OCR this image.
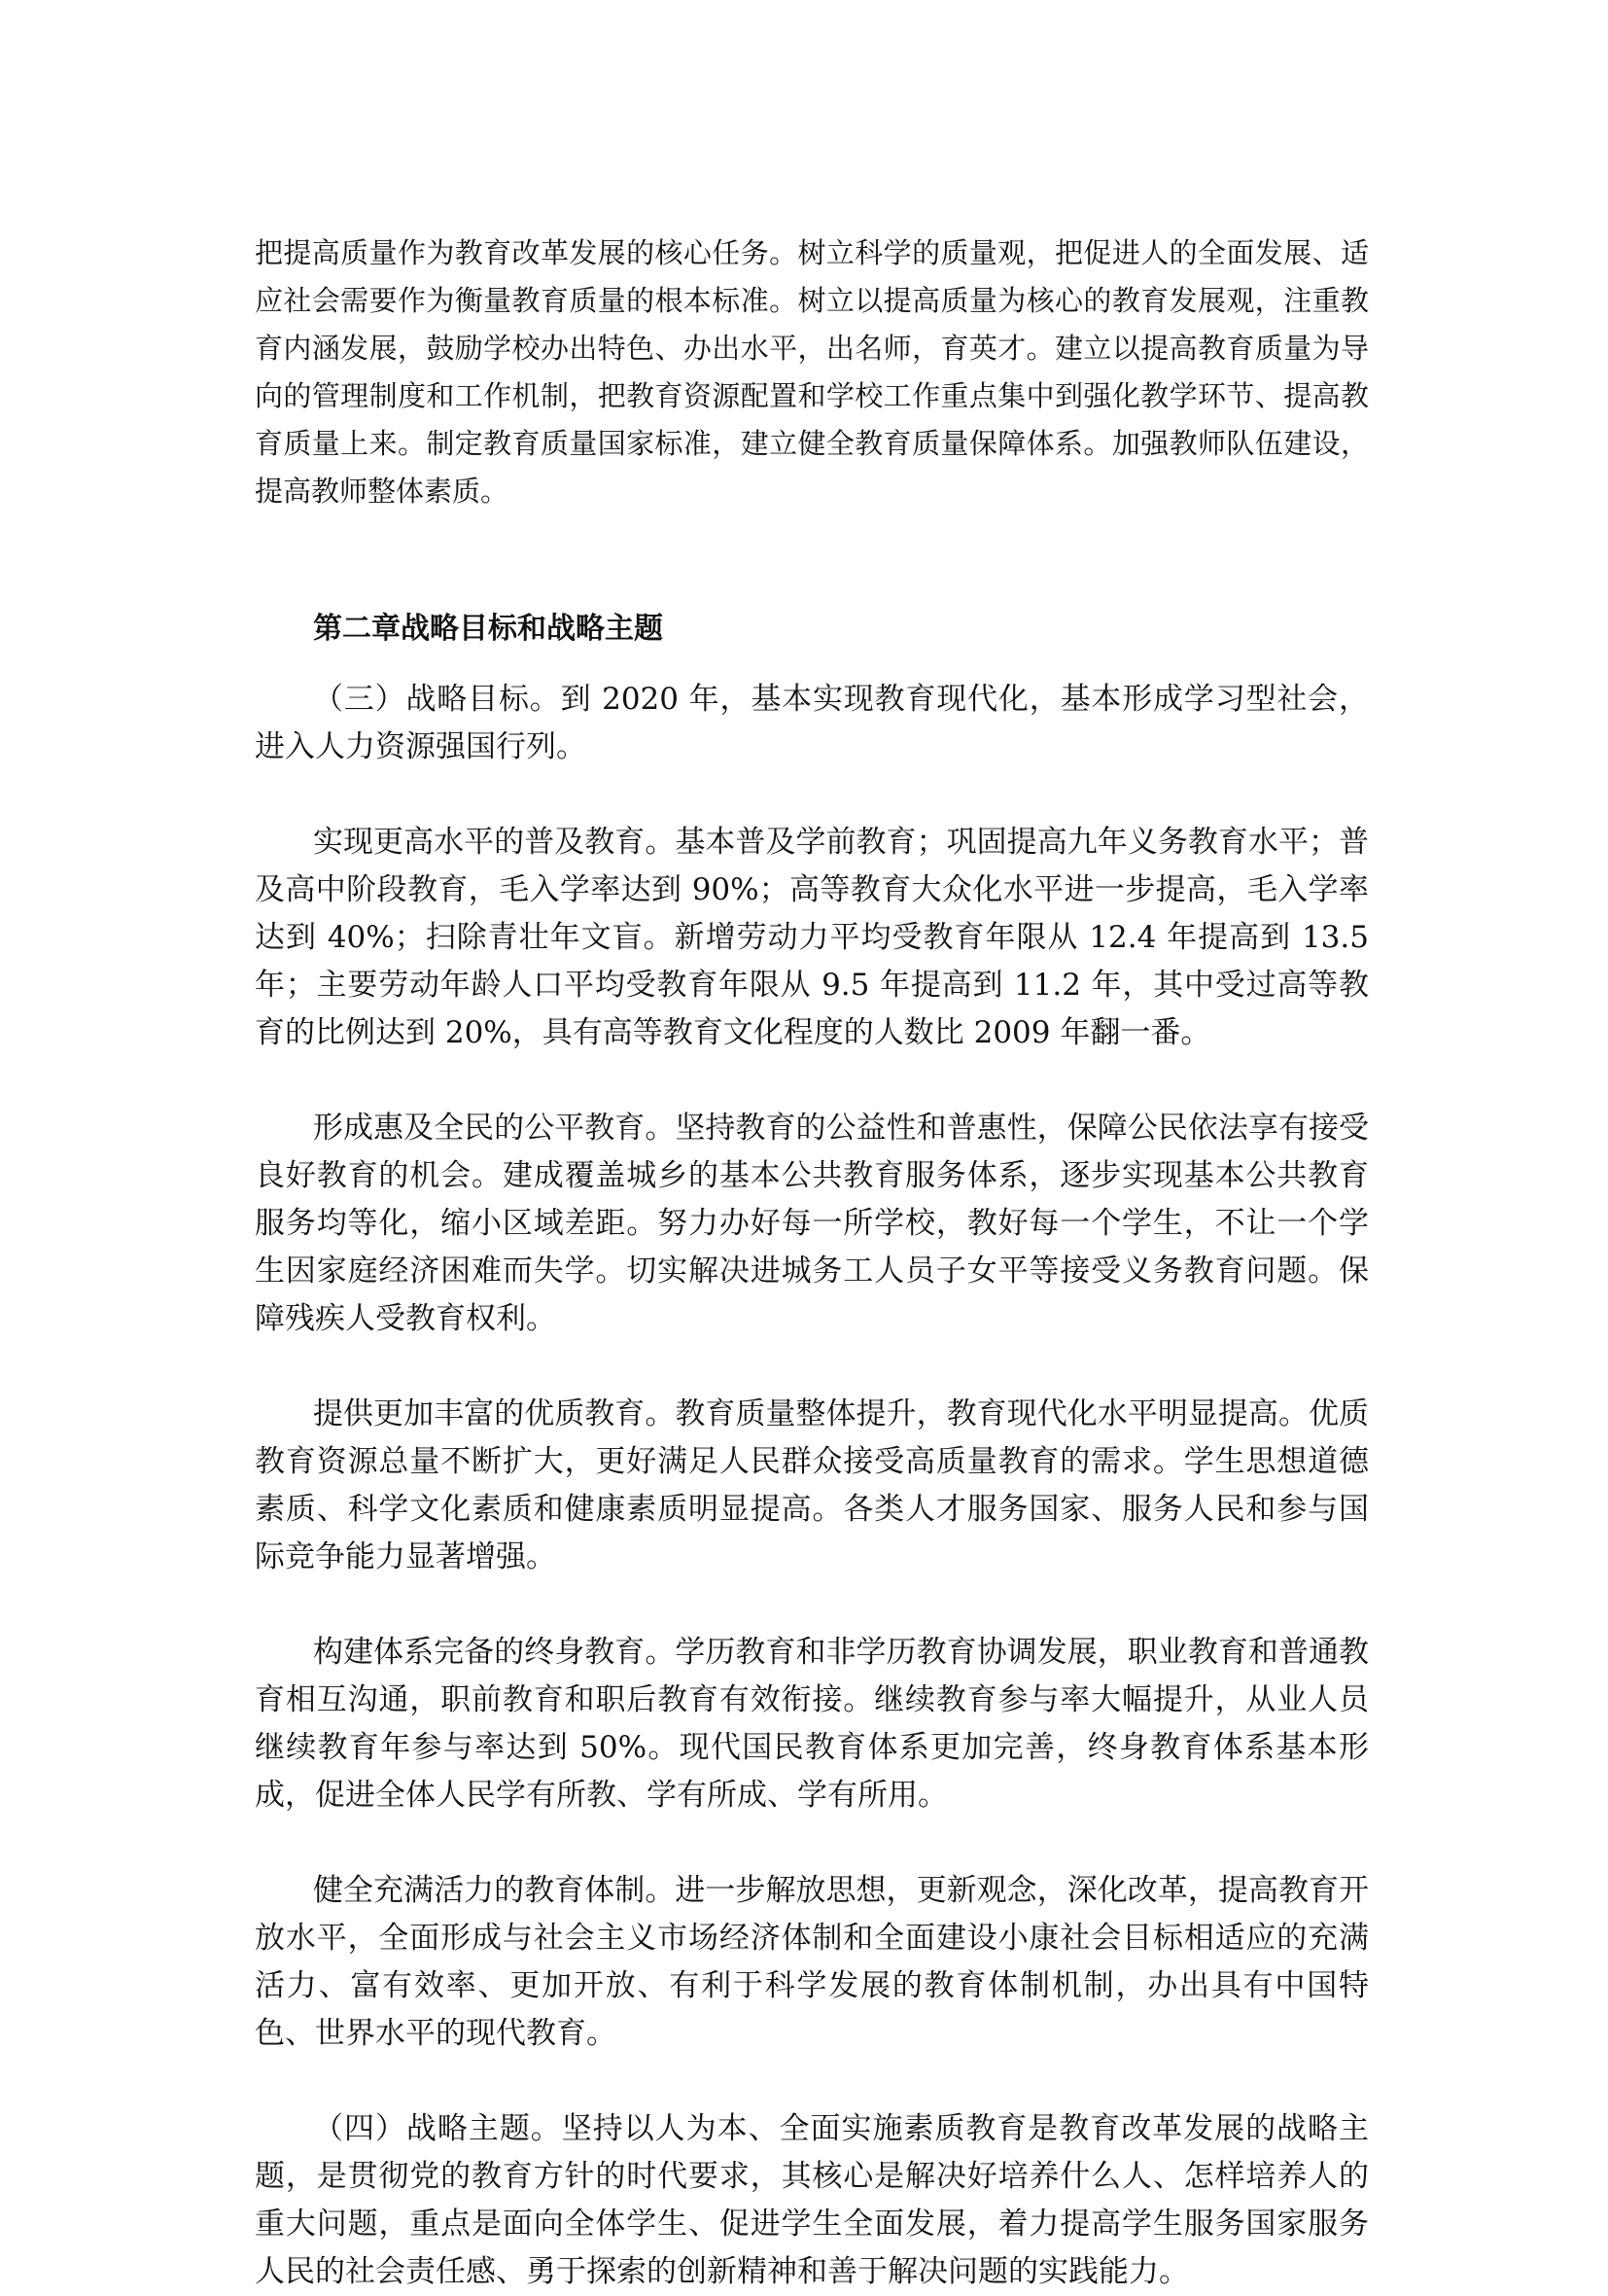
把提高质量作为教育改革发展的核心任务。树立科学的质量观，把促进人的全面发展、适应社会需要作为衡量教育质量的根本标准。树立以提高质量为核心的教育发展观，注重教育内涵发展，鼓励学校办出特色、办出水平，出名师，育英才。建立以提高教育质量为导向的管理制度和工作机制，把教育资源配置和学校工作重点集中到强化教学环节、提高教育质量上来。制定教育质量国家标准，建立健全教育质量保障体系。加强教师队伍建设，提高教师整体素质。

第二章战略目标和战略主题

（三）战略目标。到 2020 年，基本实现教育现代化，基本形成学习型社会，进入人力资源强国行列。

实现更高水平的普及教育。基本普及学前教育；巩固提高九年义务教育水平；普及高中阶段教育，毛入学率达到 90%；高等教育大众化水平进一步提高，毛入学率达到 40%；扫除青壮年文盲。新增劳动力平均受教育年限从 12.4 年提高到 13.5 年；主要劳动年龄人口平均受教育年限从 9.5 年提高到 11.2 年，其中受过高等教育的比例达到 20%，具有高等教育文化程度的人数比 2009 年翻一番。

形成惠及全民的公平教育。坚持教育的公益性和普惠性，保障公民依法享有接受良好教育的机会。建成覆盖城乡的基本公共教育服务体系，逐步实现基本公共教育服务均等化，缩小区域差距。努力办好每一所学校，教好每一个学生，不让一个学生因家庭经济困难而失学。切实解决进城务工人员子女平等接受义务教育问题。保障残疾人受教育权利。

提供更加丰富的优质教育。教育质量整体提升，教育现代化水平明显提高。优质教育资源总量不断扩大，更好满足人民群众接受高质量教育的需求。学生思想道德素质、科学文化素质和健康素质明显提高。各类人才服务国家、服务人民和参与国际竞争能力显著增强。

构建体系完备的终身教育。学历教育和非学历教育协调发展，职业教育和普通教育相互沟通，职前教育和职后教育有效衔接。继续教育参与率大幅提升，从业人员继续教育年参与率达到 50%。现代国民教育体系更加完善，终身教育体系基本形成，促进全体人民学有所教、学有所成、学有所用。

健全充满活力的教育体制。进一步解放思想，更新观念，深化改革，提高教育开放水平，全面形成与社会主义市场经济体制和全面建设小康社会目标相适应的充满活力、富有效率、更加开放、有利于科学发展的教育体制机制，办出具有中国特色、世界水平的现代教育。

（四）战略主题。坚持以人为本、全面实施素质教育是教育改革发展的战略主题，是贯彻党的教育方针的时代要求，其核心是解决好培养什么人、怎样培养人的重大问题，重点是面向全体学生、促进学生全面发展，着力提高学生服务国家服务人民的社会责任感、勇于探索的创新精神和善于解决问题的实践能力。
